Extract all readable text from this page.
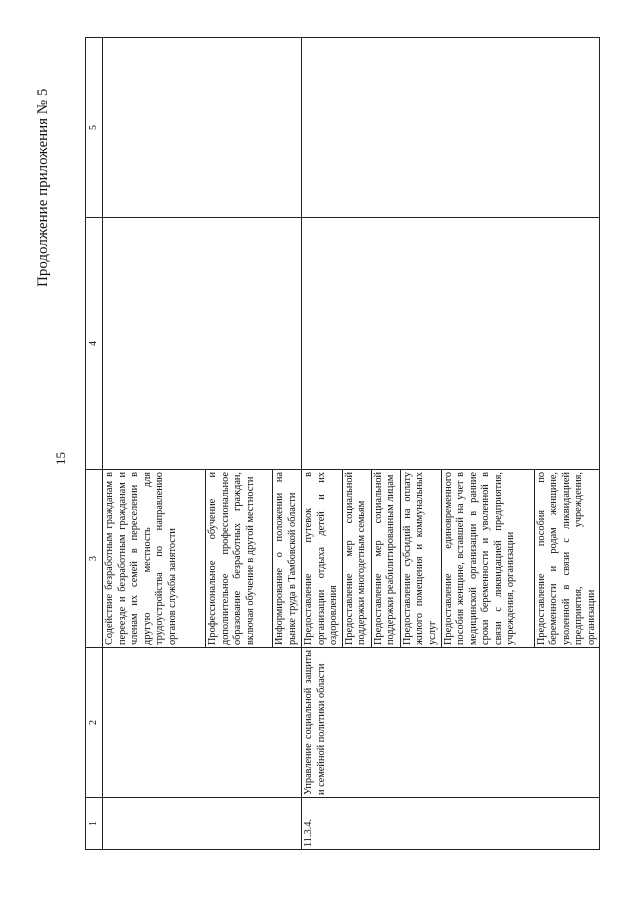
Продолжение приложения № 5
15
1	2	3	4	5
		Содействие безработным гражданам в переезде и безработным гражданам и членам их семей в переселении в другую местность для трудоустройства по направлению органов службы занятости		
		Профессиональное обучение и дополнительное профессиональное образование безработных граждан, включая обучение в другой местности		
		Информирование о положении на рынке труда в Тамбовской области		
11.3.4.	Управление социальной защиты и семейной политики области	Предоставление путевок в организации отдыха детей и их оздоровления		
		Предоставление мер социальной поддержки многодетным семьям		
		Предоставление мер социальной поддержки реабилитированным лицам		
		Предоставление субсидий на оплату жилого помещения и коммунальных услуг		
		Предоставление единовременного пособия женщине, вставшей на учет в медицинской организации в ранние сроки беременности и уволенной в связи с ликвидацией предприятия, учреждения, организации		
		Предоставление пособия по беременности и родам женщине, уволенной в связи с ликвидацией предприятия, учреждения, организации		
